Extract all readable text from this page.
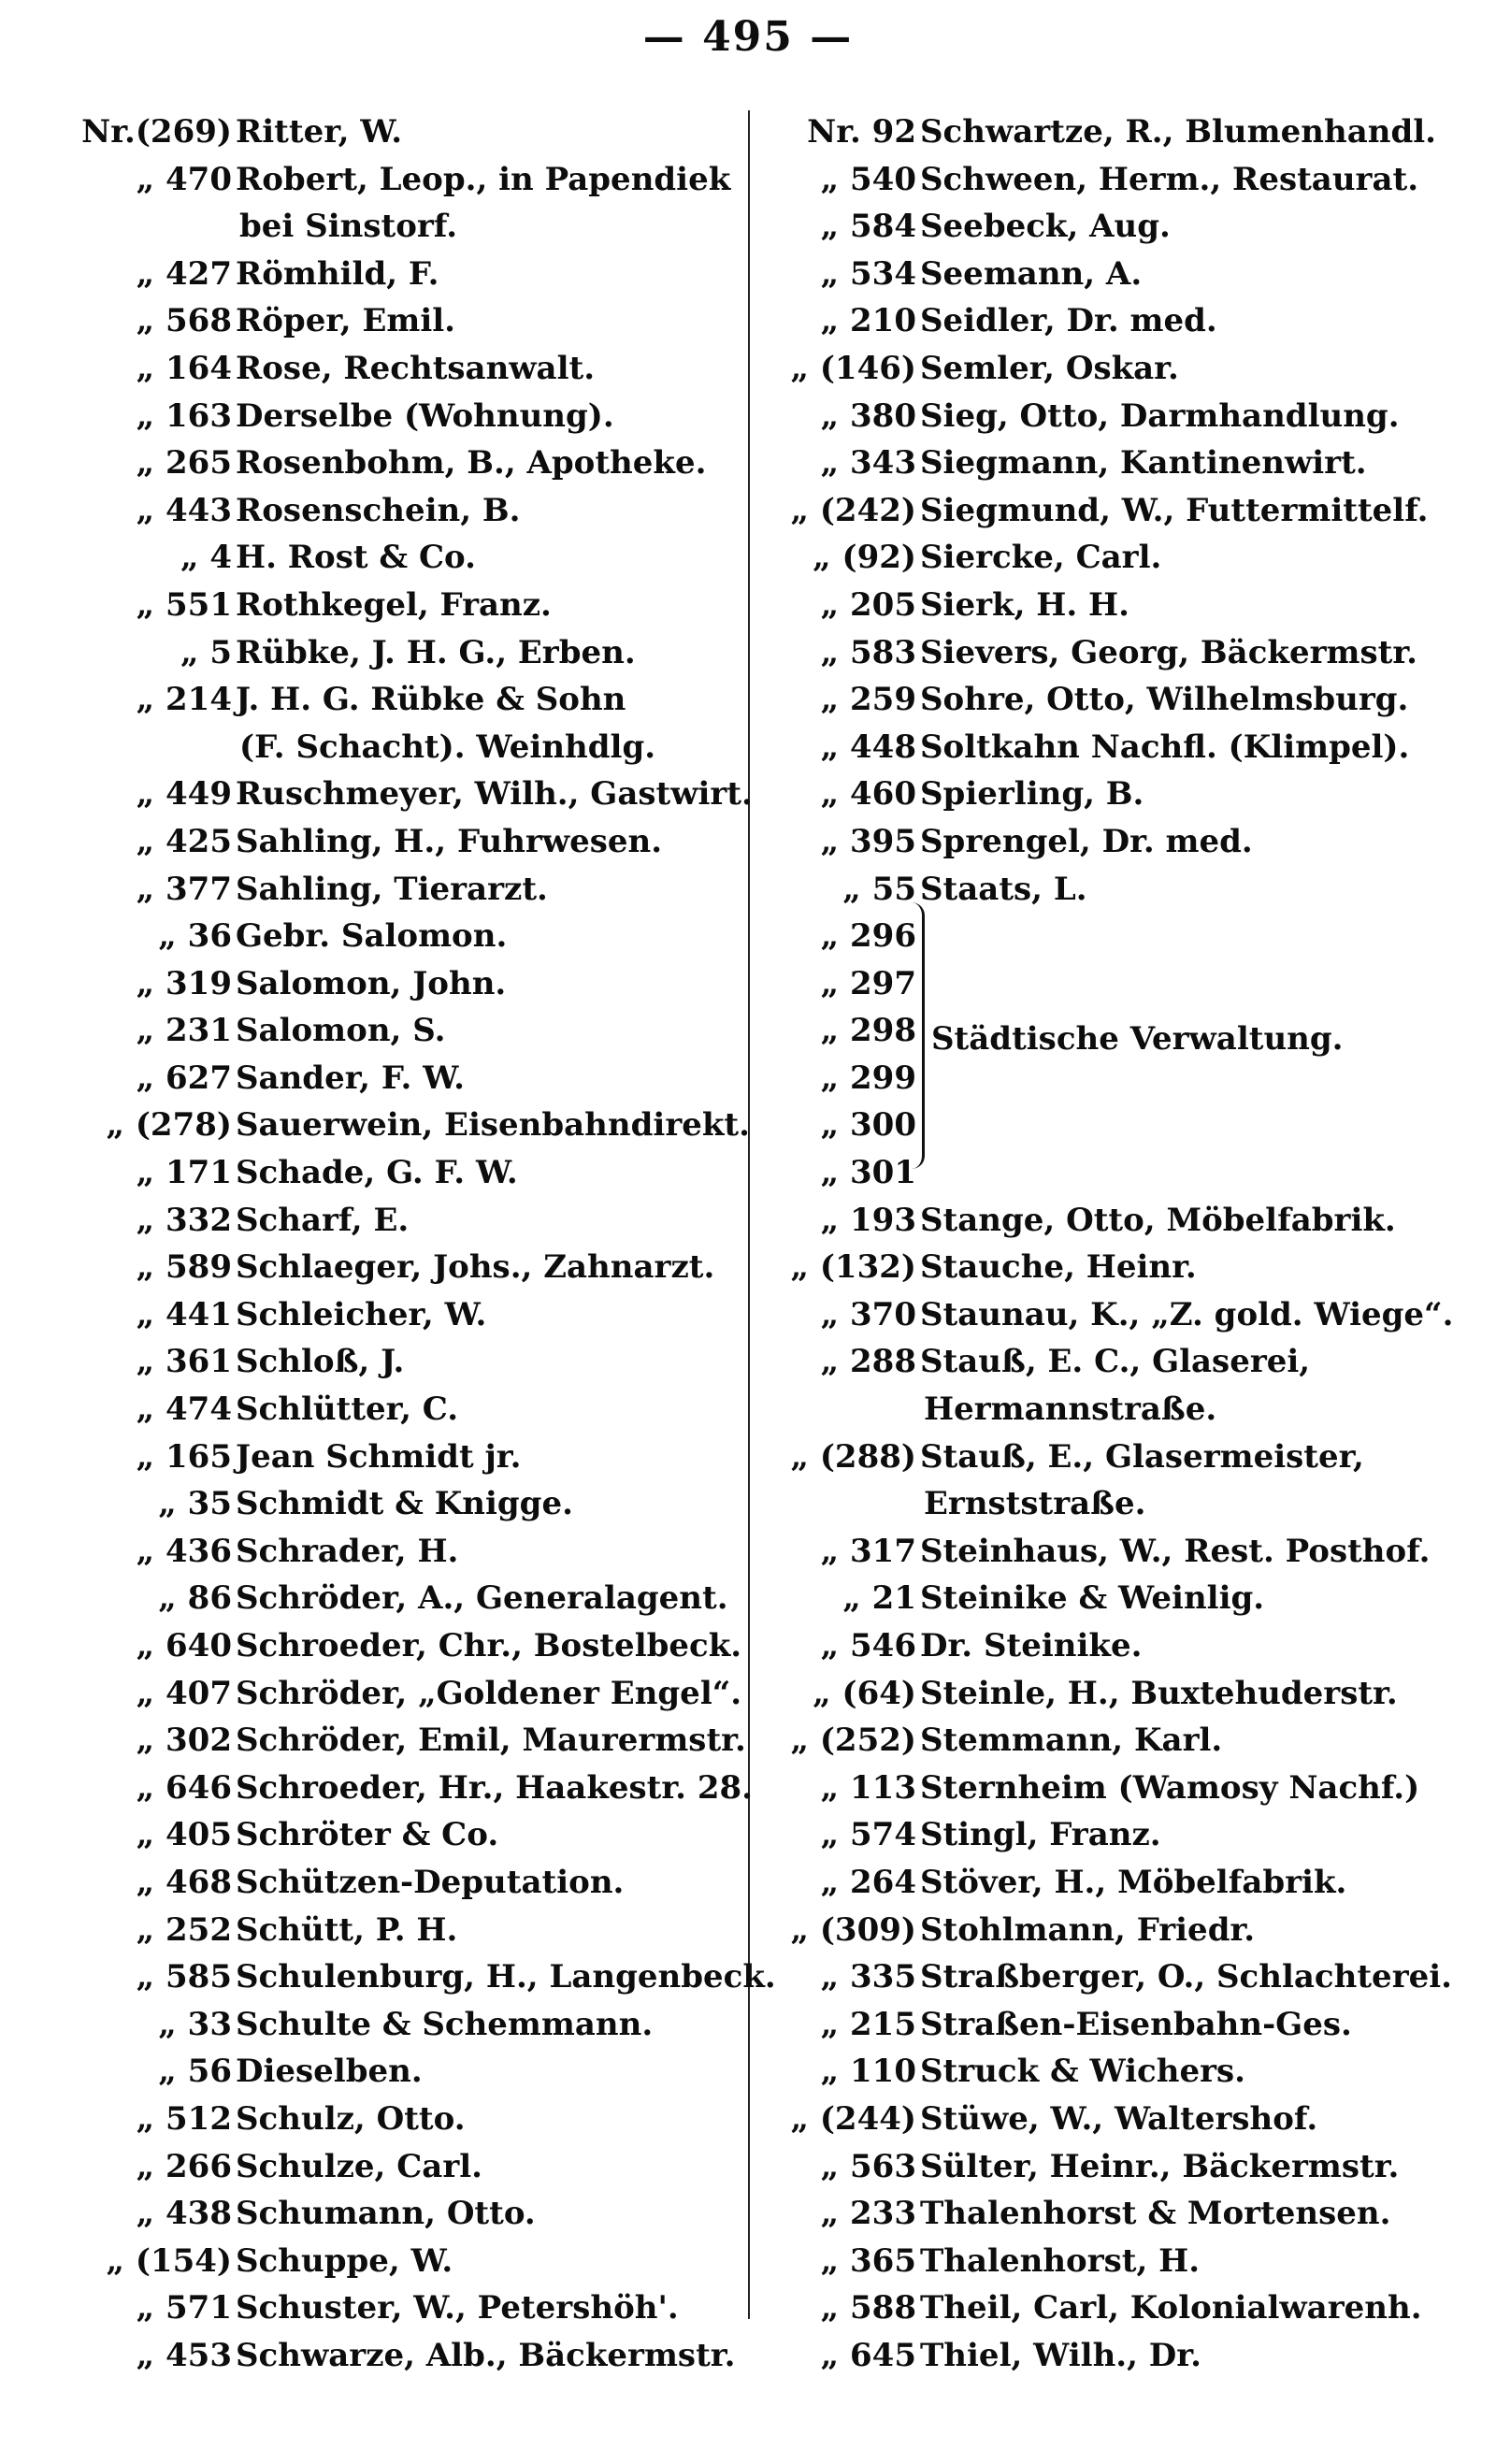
— 495 —
Nr.(269) Ritter, W.
„ 470 Robert, Leop., in Papendiek
bei Sinstorf.
„ 427 Römhild, F.
„ 568 Röper, Emil.
„ 164 Rose, Rechtsanwalt.
„ 163 Derselbe (Wohnung).
„ 265 Rosenbohm, B., Apotheke.
„ 443 Rosenschein, B.
„ 4 H. Rost & Co.
„ 551 Rothkegel, Franz.
„ 5 Rübke, J. H. G., Erben.
„ 214 J. H. G. Rübke & Sohn
(F. Schacht). Weinhdlg.
„ 449 Ruschmeyer, Wilh., Gastwirt.
„ 425 Sahling, H., Fuhrwesen.
„ 377 Sahling, Tierarzt.
„ 36 Gebr. Salomon.
„ 319 Salomon, John.
„ 231 Salomon, S.
„ 627 Sander, F. W.
„ (278) Sauerwein, Eisenbahndirekt.
„ 171 Schade, G. F. W.
„ 332 Scharf, E.
„ 589 Schlaeger, Johs., Zahnarzt.
„ 441 Schleicher, W.
„ 361 Schloß, J.
„ 474 Schlütter, C.
„ 165 Jean Schmidt jr.
„ 35 Schmidt & Knigge.
„ 436 Schrader, H.
„ 86 Schröder, A., Generalagent.
„ 640 Schroeder, Chr., Bostelbeck.
„ 407 Schröder, „Goldener Engel“.
„ 302 Schröder, Emil, Maurermstr.
„ 646 Schroeder, Hr., Haakestr. 28.
„ 405 Schröter & Co.
„ 468 Schützen-Deputation.
„ 252 Schütt, P. H.
„ 585 Schulenburg, H., Langenbeck.
„ 33 Schulte & Schemmann.
„ 56 Dieselben.
„ 512 Schulz, Otto.
„ 266 Schulze, Carl.
„ 438 Schumann, Otto.
„ (154) Schuppe, W.
„ 571 Schuster, W., Petershöh'.
„ 453 Schwarze, Alb., Bäckermstr.
Nr. 92 Schwartze, R., Blumenhandl.
„ 540 Schween, Herm., Restaurat.
„ 584 Seebeck, Aug.
„ 534 Seemann, A.
„ 210 Seidler, Dr. med.
„ (146) Semler, Oskar.
„ 380 Sieg, Otto, Darmhandlung.
„ 343 Siegmann, Kantinenwirt.
„ (242) Siegmund, W., Futtermittelf.
„ (92) Siercke, Carl.
„ 205 Sierk, H. H.
„ 583 Sievers, Georg, Bäckermstr.
„ 259 Sohre, Otto, Wilhelmsburg.
„ 448 Soltkahn Nachfl. (Klimpel).
„ 460 Spierling, B.
„ 395 Sprengel, Dr. med.
„ 55 Staats, L.
„ 296
„ 297
„ 298
„ 299
„ 300
„ 301
„ 193 Stange, Otto, Möbelfabrik.
„ (132) Stauche, Heinr.
„ 370 Staunau, K., „Z. gold. Wiege“.
„ 288 Stauß, E. C., Glaserei,
Hermannstraße.
„ (288) Stauß, E., Glasermeister,
Ernststraße.
„ 317 Steinhaus, W., Rest. Posthof.
„ 21 Steinike & Weinlig.
„ 546 Dr. Steinike.
„ (64) Steinle, H., Buxtehuderstr.
„ (252) Stemmann, Karl.
„ 113 Sternheim (Wamosy Nachf.)
„ 574 Stingl, Franz.
„ 264 Stöver, H., Möbelfabrik.
„ (309) Stohlmann, Friedr.
„ 335 Straßberger, O., Schlachterei.
„ 215 Straßen-Eisenbahn-Ges.
„ 110 Struck & Wichers.
„ (244) Stüwe, W., Waltershof.
„ 563 Sülter, Heinr., Bäckermstr.
„ 233 Thalenhorst & Mortensen.
„ 365 Thalenhorst, H.
„ 588 Theil, Carl, Kolonialwarenh.
„ 645 Thiel, Wilh., Dr.
Städtische Verwaltung.
